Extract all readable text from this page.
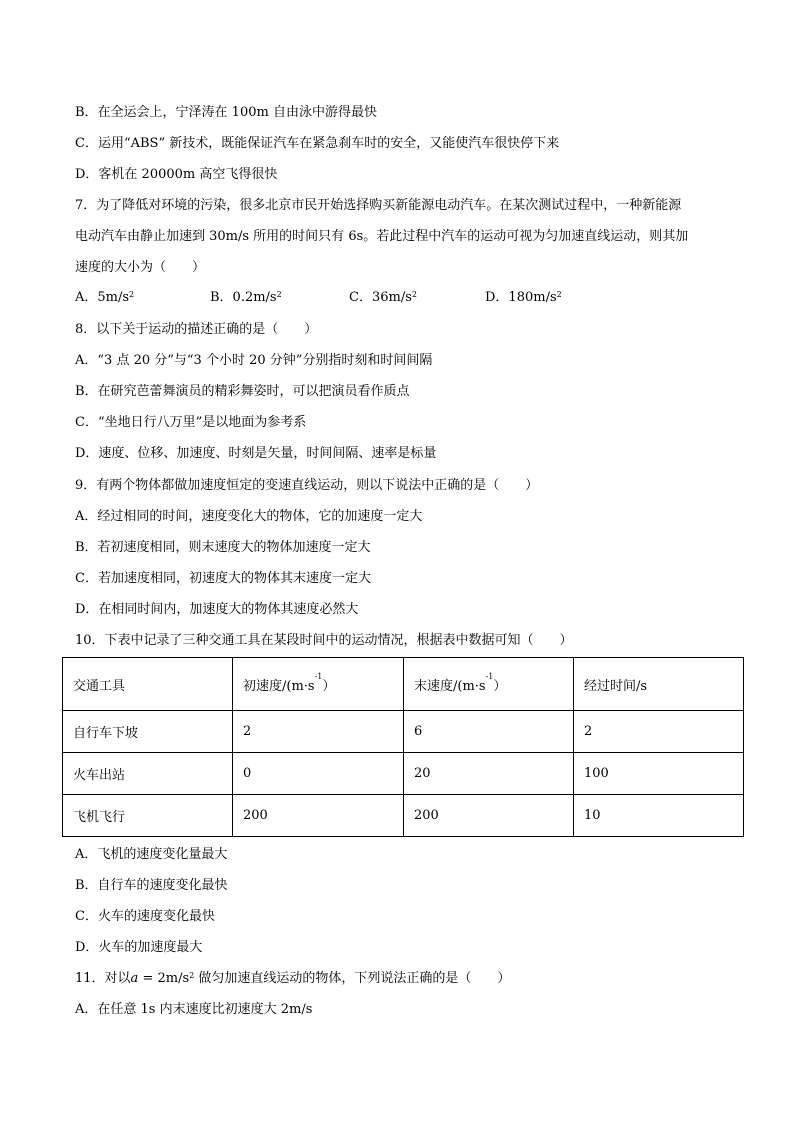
B．在全运会上，宁泽涛在 100m 自由泳中游得最快
C．运用“ABS” 新技术，既能保证汽车在紧急刹车时的安全，又能使汽车很快停下来
D．客机在 20000m 高空飞得很快
7．为了降低对环境的污染，很多北京市民开始选择购买新能源电动汽车。在某次测试过程中，一种新能源
电动汽车由静止加速到 30m/s 所用的时间只有 6s。若此过程中汽车的运动可视为匀加速直线运动，则其加
速度的大小为（　　）
A．$5m/s^2$	B．$0.2m/s^2$	C．$36m/s^2$	D．$180m/s^2$
8．以下关于运动的描述正确的是（　　）
A．“3 点 20 分”与“3 个小时 20 分钟”分别指时刻和时间间隔
B．在研究芭蕾舞演员的精彩舞姿时，可以把演员看作质点
C．“坐地日行八万里”是以地面为参考系
D．速度、位移、加速度、时刻是矢量，时间间隔、速率是标量
9．有两个物体都做加速度恒定的变速直线运动，则以下说法中正确的是（　　）
A．经过相同的时间，速度变化大的物体，它的加速度一定大
B．若初速度相同，则末速度大的物体加速度一定大
C．若加速度相同，初速度大的物体其末速度一定大
D．在相同时间内，加速度大的物体其速度必然大
10．下表中记录了三种交通工具在某段时间中的运动情况，根据表中数据可知（　　）
交通工具	初速度$/(m\cdot s^{-1})$	末速度$/(m\cdot s^{-1})$	经过时间/s
自行车下坡	2	6	2
火车出站	0	20	100
飞机飞行	200	200	10
A．飞机的速度变化量最大
B．自行车的速度变化最快
C．火车的速度变化最快
D．火车的加速度最大
11．对以$a = 2m/s^2$ 做匀加速直线运动的物体，下列说法正确的是（　　）
A．在任意 1s 内末速度比初速度大 2m/s
